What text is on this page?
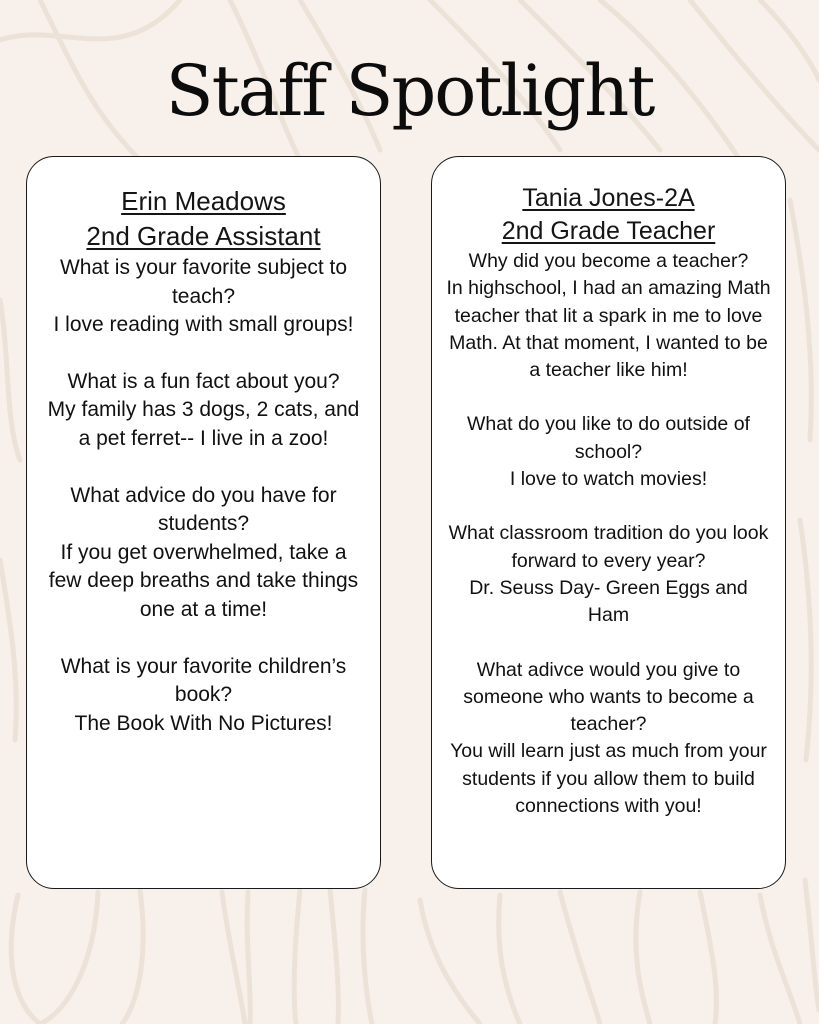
Staff Spotlight
Erin Meadows
2nd Grade Assistant
What is your favorite subject to teach?
I love reading with small groups!
What is a fun fact about you?
My family has 3 dogs, 2 cats, and a pet ferret-- I live in a zoo!
What advice do you have for students?
If you get overwhelmed, take a few deep breaths and take things one at a time!
What is your favorite children’s book?
The Book With No Pictures!
Tania Jones-2A
2nd Grade Teacher
Why did you become a teacher?
In highschool, I had an amazing Math teacher that lit a spark in me to love Math. At that moment, I wanted to be a teacher like him!
What do you like to do outside of school?
I love to watch movies!
What classroom tradition do you look forward to every year?
Dr. Seuss Day- Green Eggs and Ham
What adivce would you give to someone who wants to become a teacher?
You will learn just as much from your students if you allow them to build connections with you!
